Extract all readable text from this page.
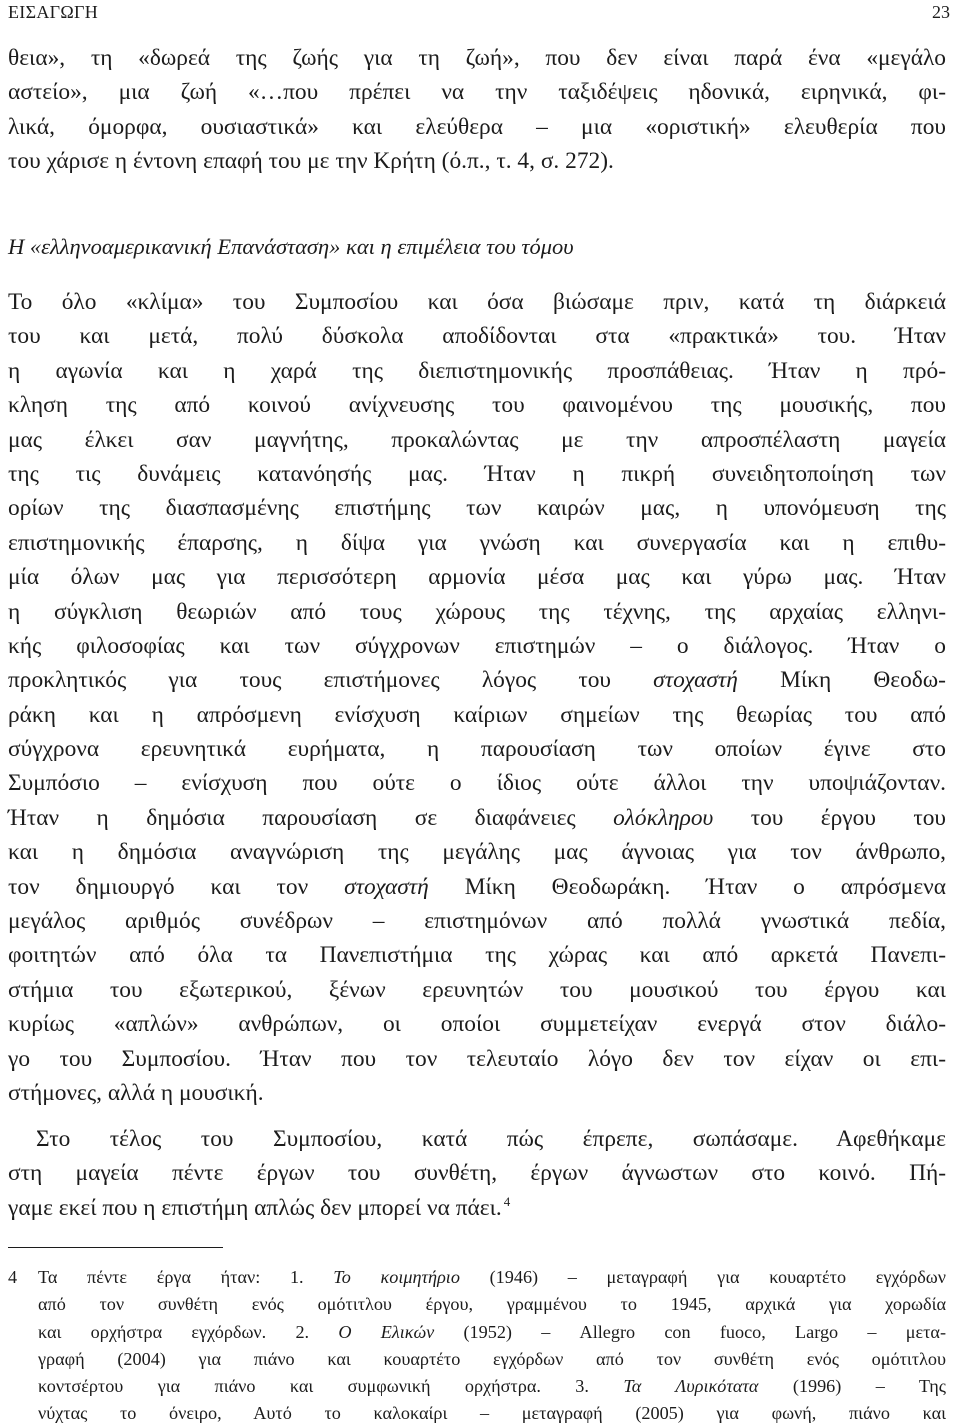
ΕΙΣΑΓΩΓΗ	23
θεια», τη «δωρεά της ζωής για τη ζωή», που δεν είναι παρά ένα «μεγάλο
αστείο», μια ζωή «…που πρέπει να την ταξιδέψεις ηδονικά, ειρηνικά, φι-
λικά, όμορφα, ουσιαστικά» και ελεύθερα – μια «οριστική» ελευθερία που
του χάρισε η έντονη επαφή του με την Κρήτη (ό.π., τ. 4, σ. 272).
Η «ελληνοαμερικανική Επανάσταση» και η επιμέλεια του τόμου
Το όλο «κλίμα» του Συμποσίου και όσα βιώσαμε πριν, κατά τη διάρκειά
του και μετά, πολύ δύσκολα αποδίδονται στα «πρακτικά» του. Ήταν
η αγωνία και η χαρά της διεπιστημονικής προσπάθειας. Ήταν η πρό-
κληση της από κοινού ανίχνευσης του φαινομένου της μουσικής, που
μας έλκει σαν μαγνήτης, προκαλώντας με την απροσπέλαστη μαγεία
της τις δυνάμεις κατανόησής μας. Ήταν η πικρή συνειδητοποίηση των
ορίων της διασπασμένης επιστήμης των καιρών μας, η υπονόμευση της
επιστημονικής έπαρσης, η δίψα για γνώση και συνεργασία και η επιθυ-
μία όλων μας για περισσότερη αρμονία μέσα μας και γύρω μας. Ήταν
η σύγκλιση θεωριών από τους χώρους της τέχνης, της αρχαίας ελληνι-
κής φιλοσοφίας και των σύγχρονων επιστημών – ο διάλογος. Ήταν ο
προκλητικός για τους επιστήμονες λόγος του στοχαστή Μίκη Θεοδω-
ράκη και η απρόσμενη ενίσχυση καίριων σημείων της θεωρίας του από
σύγχρονα ερευνητικά ευρήματα, η παρουσίαση των οποίων έγινε στο
Συμπόσιο – ενίσχυση που ούτε ο ίδιος ούτε άλλοι την υποψιάζονταν.
Ήταν η δημόσια παρουσίαση σε διαφάνειες ολόκληρου του έργου του
και η δημόσια αναγνώριση της μεγάλης μας άγνοιας για τον άνθρωπο,
τον δημιουργό και τον στοχαστή Μίκη Θεοδωράκη. Ήταν ο απρόσμενα
μεγάλος αριθμός συνέδρων – επιστημόνων από πολλά γνωστικά πεδία,
φοιτητών από όλα τα Πανεπιστήμια της χώρας και από αρκετά Πανεπι-
στήμια του εξωτερικού, ξένων ερευνητών του μουσικού του έργου και
κυρίως «απλών» ανθρώπων, οι οποίοι συμμετείχαν ενεργά στον διάλο-
γο του Συμποσίου. Ήταν που τον τελευταίο λόγο δεν τον είχαν οι επι-
στήμονες, αλλά η μουσική.
Στο τέλος του Συμποσίου, κατά πώς έπρεπε, σωπάσαμε. Αφεθήκαμε
στη μαγεία πέντε έργων του συνθέτη, έργων άγνωστων στο κοινό. Πή-
γαμε εκεί που η επιστήμη απλώς δεν μπορεί να πάει. $^4$
4	Τα πέντε έργα ήταν: 1. Το κοιμητήριο (1946) – μεταγραφή για κουαρτέτο εγχόρδων
από τον συνθέτη ενός ομότιτλου έργου, γραμμένου το 1945, αρχικά για χορωδία
και ορχήστρα εγχόρδων. 2. Ο Ελικών (1952) – Allegro con fuoco, Largo – μετα-
γραφή (2004) για πιάνο και κουαρτέτο εγχόρδων από τον συνθέτη ενός ομότιτλου
κοντσέρτου για πιάνο και συμφωνική ορχήστρα. 3. Τα Λυρικότατα (1996) – Της
νύχτας το όνειρο, Αυτό το καλοκαίρι – μεταγραφή (2005) για φωνή, πιάνο και
